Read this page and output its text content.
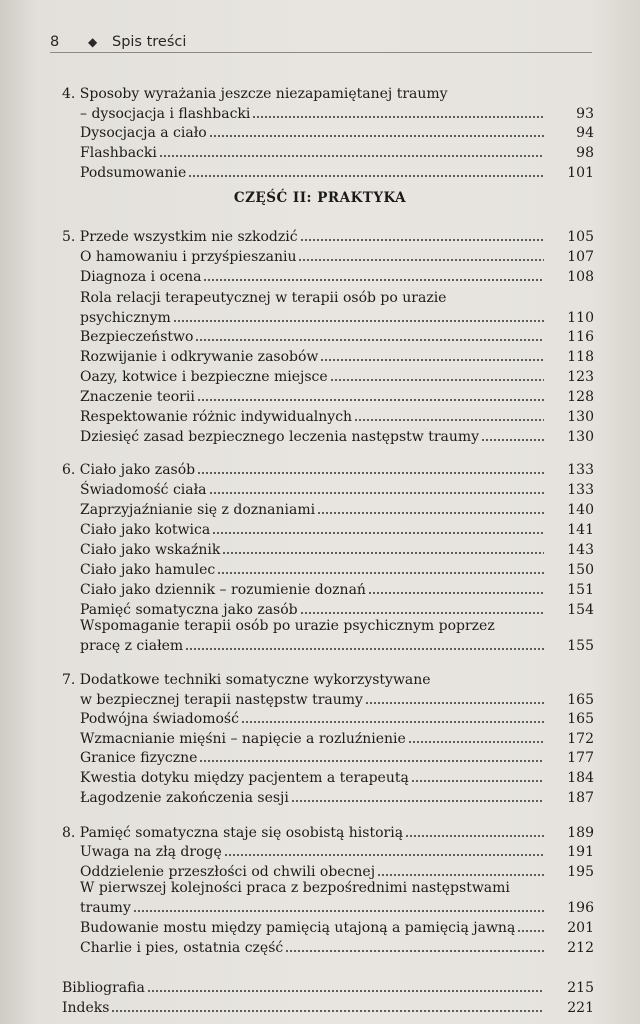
8 ◆ Spis treści
CZĘŚĆ II: PRAKTYKA
4. Sposoby wyrażania jeszcze niezapamiętanej traumy
– dysocjacja i flashbacki	93
Dysocjacja a ciało	94
Flashbacki	98
Podsumowanie	101
5. Przede wszystkim nie szkodzić	105
O hamowaniu i przyśpieszaniu	107
Diagnoza i ocena	108
Rola relacji terapeutycznej w terapii osób po urazie
psychicznym	110
Bezpieczeństwo	116
Rozwijanie i odkrywanie zasobów	118
Oazy, kotwice i bezpieczne miejsce	123
Znaczenie teorii	128
Respektowanie różnic indywidualnych	130
Dziesięć zasad bezpiecznego leczenia następstw traumy	130
6. Ciało jako zasób	133
Świadomość ciała	133
Zaprzyjaźnianie się z doznaniami	140
Ciało jako kotwica	141
Ciało jako wskaźnik	143
Ciało jako hamulec	150
Ciało jako dziennik – rozumienie doznań	151
Pamięć somatyczna jako zasób	154
Wspomaganie terapii osób po urazie psychicznym poprzez
pracę z ciałem	155
7. Dodatkowe techniki somatyczne wykorzystywane
w bezpiecznej terapii następstw traumy	165
Podwójna świadomość	165
Wzmacnianie mięśni – napięcie a rozluźnienie	172
Granice fizyczne	177
Kwestia dotyku między pacjentem a terapeutą	184
Łagodzenie zakończenia sesji	187
8. Pamięć somatyczna staje się osobistą historią	189
Uwaga na złą drogę	191
Oddzielenie przeszłości od chwili obecnej	195
W pierwszej kolejności praca z bezpośrednimi następstwami
traumy	196
Budowanie mostu między pamięcią utajoną a pamięcią jawną	201
Charlie i pies, ostatnia część	212
Bibliografia	215
Indeks	221
